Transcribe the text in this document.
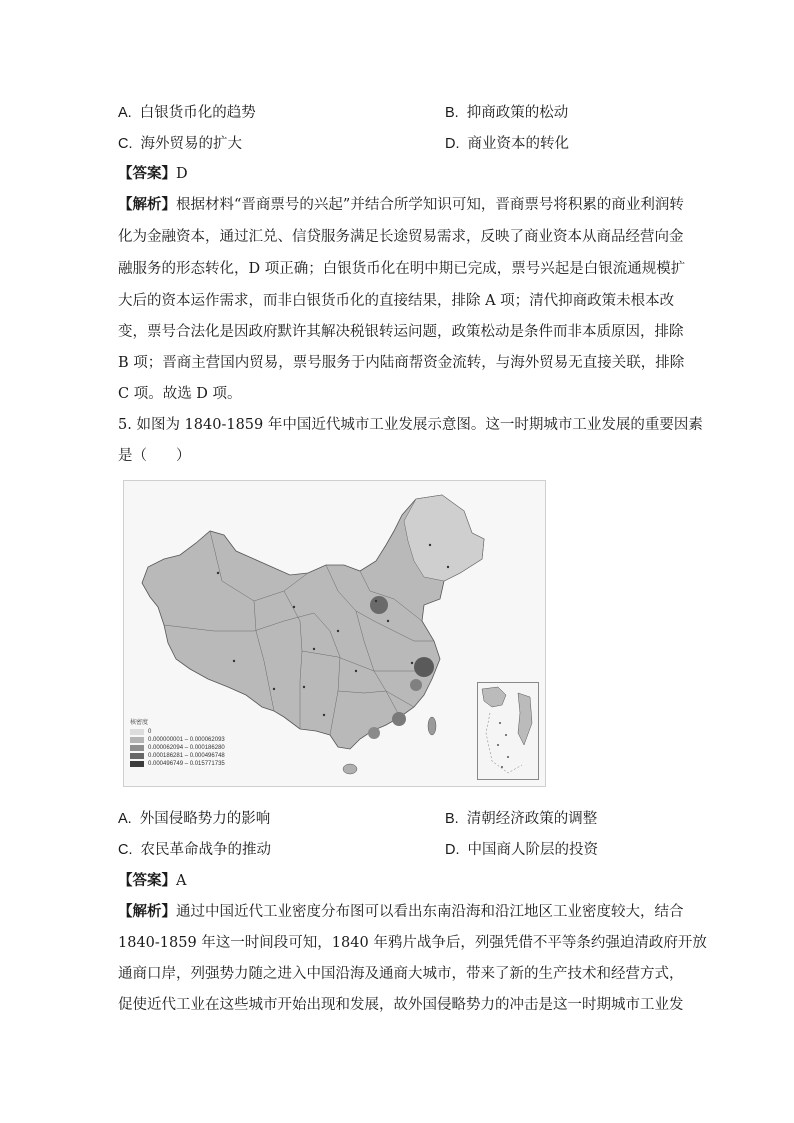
A. 白银货币化的趋势	B. 抑商政策的松动
C. 海外贸易的扩大	D. 商业资本的转化
【答案】D
【解析】根据材料“晋商票号的兴起”并结合所学知识可知，晋商票号将积累的商业利润转
化为金融资本，通过汇兑、信贷服务满足长途贸易需求，反映了商业资本从商品经营向金
融服务的形态转化，D 项正确；白银货币化在明中期已完成，票号兴起是白银流通规模扩
大后的资本运作需求，而非白银货币化的直接结果，排除 A 项；清代抑商政策未根本改
变，票号合法化是因政府默许其解决税银转运问题，政策松动是条件而非本质原因，排除
B 项；晋商主营国内贸易，票号服务于内陆商帮资金流转，与海外贸易无直接关联，排除
C 项。故选 D 项。
5. 如图为 1840-1859 年中国近代城市工业发展示意图。这一时期城市工业发展的重要因素
是（　　）
核密度
0
0.000000001 – 0.000062093
0.000062094 – 0.000186280
0.000186281 – 0.000496748
0.000496749 – 0.015771735
A. 外国侵略势力的影响	B. 清朝经济政策的调整
C. 农民革命战争的推动	D. 中国商人阶层的投资
【答案】A
【解析】通过中国近代工业密度分布图可以看出东南沿海和沿江地区工业密度较大，结合
1840-1859 年这一时间段可知，1840 年鸦片战争后，列强凭借不平等条约强迫清政府开放
通商口岸，列强势力随之进入中国沿海及通商大城市，带来了新的生产技术和经营方式，
促使近代工业在这些城市开始出现和发展，故外国侵略势力的冲击是这一时期城市工业发
